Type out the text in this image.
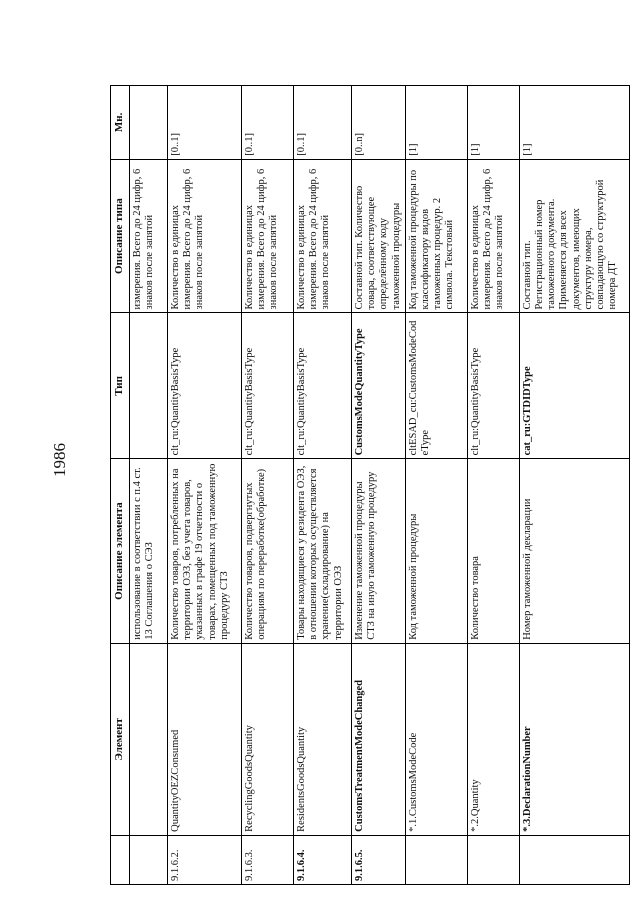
1986
	Элемент	Описание элемента	Тип	Описание типа	Мн.
		использование в соответствии с п.4 ст. 13 Соглашения о СЭЗ		измерения. Всего до 24 цифр, 6 знаков после запятой	
9.1.6.2.	QuantityOEZConsumed	Количество товаров, потребленных на территории ОЭЗ, без учета товаров, указанных в графе 19 отчетности о товарах, помещенных под таможенную процедуру СТЗ	clt_ru:QuantityBasisType	Количество в единицах измерения. Всего до 24 цифр, 6 знаков после запятой	[0..1]
9.1.6.3.	RecyclingGoodsQuantity	Количество товаров, подвергнутых операциям по переработке(обработке)	clt_ru:QuantityBasisType	Количество в единицах измерения. Всего до 24 цифр, 6 знаков после запятой	[0..1]
9.1.6.4.	ResidentsGoodsQuantity	Товары находящиеся у резидента ОЭЗ, в отношении которых осуществляется хранение(складирование) на территории ОЭЗ	clt_ru:QuantityBasisType	Количество в единицах измерения. Всего до 24 цифр, 6 знаков после запятой	[0..1]
9.1.6.5.	CustomsTreatmentModeChanged	Изменение таможенной процедуры СТЗ на иную таможенную процедуру	CustomsModeQuantityType	Составной тип. Количество товара, соответствующее определённому коду таможенной процедуры	[0..n]
	*.1.CustomsModeCode	Код таможенной процедуры	cltESAD_cu:CustomsModeCodeType	Код таможенной процедуры по классификатору видов таможенных процедур. 2 символа. Текстовый	[1]
	*.2.Quantity	Количество товара	clt_ru:QuantityBasisType	Количество в единицах измерения. Всего до 24 цифр, 6 знаков после запятой	[1]
	*.3.DeclarationNumber	Номер таможенной декларации	cat_ru:GTDIDType	Составной тип. Регистрационный номер таможенного документа. Применяется для всех документов, имеющих структуру номера, совпадающую со структурой номера ДТ	[1]
